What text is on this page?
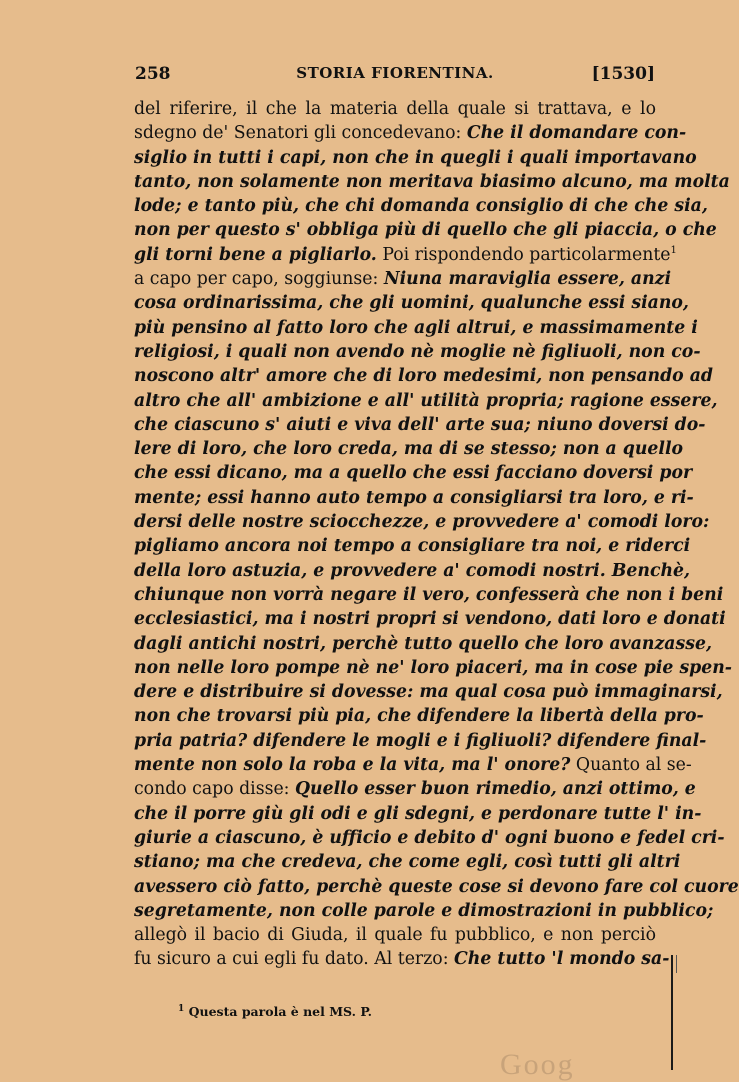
258	STORIA FIORENTINA.	[1530]
del riferire, il che la materia della quale si trattava, e lo
sdegno de' Senatori gli concedevano: Che il domandare con-
siglio in tutti i capi, non che in quegli i quali importavano
tanto, non solamente non meritava biasimo alcuno, ma molta
lode; e tanto più, che chi domanda consiglio di che che sia,
non per questo s' obbliga più di quello che gli piaccia, o che
gli torni bene a pigliarlo. Poi rispondendo particolarmente$^1$
a capo per capo, soggiunse: Niuna maraviglia essere, anzi
cosa ordinarissima, che gli uomini, qualunche essi siano,
più pensino al fatto loro che agli altrui, e massimamente i
religiosi, i quali non avendo nè moglie nè figliuoli, non co-
noscono altr' amore che di loro medesimi, non pensando ad
altro che all' ambizione e all' utilità propria; ragione essere,
che ciascuno s' aiuti e viva dell' arte sua; niuno doversi do-
lere di loro, che loro creda, ma di se stesso; non a quello
che essi dicano, ma a quello che essi facciano doversi por
mente; essi hanno auto tempo a consigliarsi tra loro, e ri-
dersi delle nostre sciocchezze, e provvedere a' comodi loro:
pigliamo ancora noi tempo a consigliare tra noi, e riderci
della loro astuzia, e provvedere a' comodi nostri. Benchè,
chiunque non vorrà negare il vero, confesserà che non i beni
ecclesiastici, ma i nostri propri si vendono, dati loro e donati
dagli antichi nostri, perchè tutto quello che loro avanzasse,
non nelle loro pompe nè ne' loro piaceri, ma in cose pie spen-
dere e distribuire si dovesse: ma qual cosa può immaginarsi,
non che trovarsi più pia, che difendere la libertà della pro-
pria patria? difendere le mogli e i figliuoli? difendere final-
mente non solo la roba e la vita, ma l' onore? Quanto al se-
condo capo disse: Quello esser buon rimedio, anzi ottimo, e
che il porre giù gli odi e gli sdegni, e perdonare tutte l' in-
giurie a ciascuno, è ufficio e debito d' ogni buono e fedel cri-
stiano; ma che credeva, che come egli, così tutti gli altri
avessero ciò fatto, perchè queste cose si devono fare col cuore
segretamente, non colle parole e dimostrazioni in pubblico;
allegò il bacio di Giuda, il quale fu pubblico, e non perciò
fu sicuro a cui egli fu dato. Al terzo: Che tutto 'l mondo sa-
$^1$ Questa parola è nel MS. P.
Goog
